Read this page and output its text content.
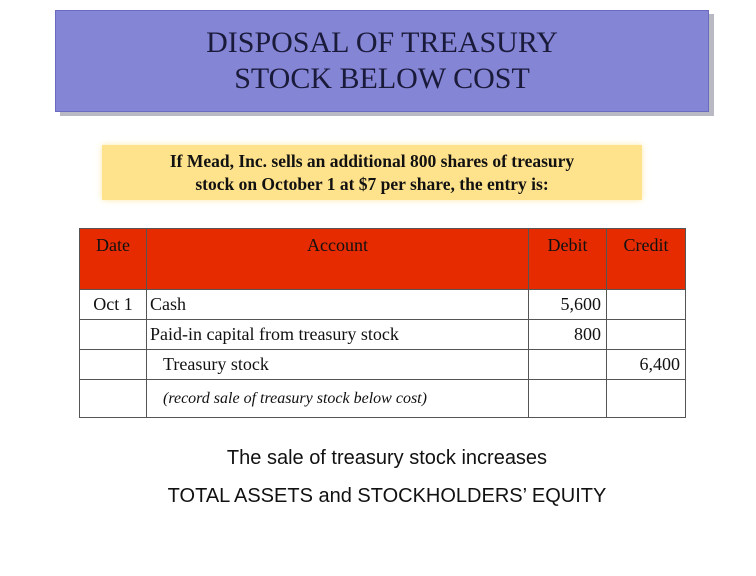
DISPOSAL OF TREASURY
STOCK BELOW COST
If Mead, Inc. sells an additional 800 shares of treasury
stock on October 1 at $7 per share, the entry is:
Date	Account	Debit	Credit
Oct 1	Cash	5,600	
	Paid-in capital from treasury stock	800	
	Treasury stock		6,400
	(record sale of treasury stock below cost)		
The sale of treasury stock increases
TOTAL ASSETS and STOCKHOLDERS’ EQUITY
